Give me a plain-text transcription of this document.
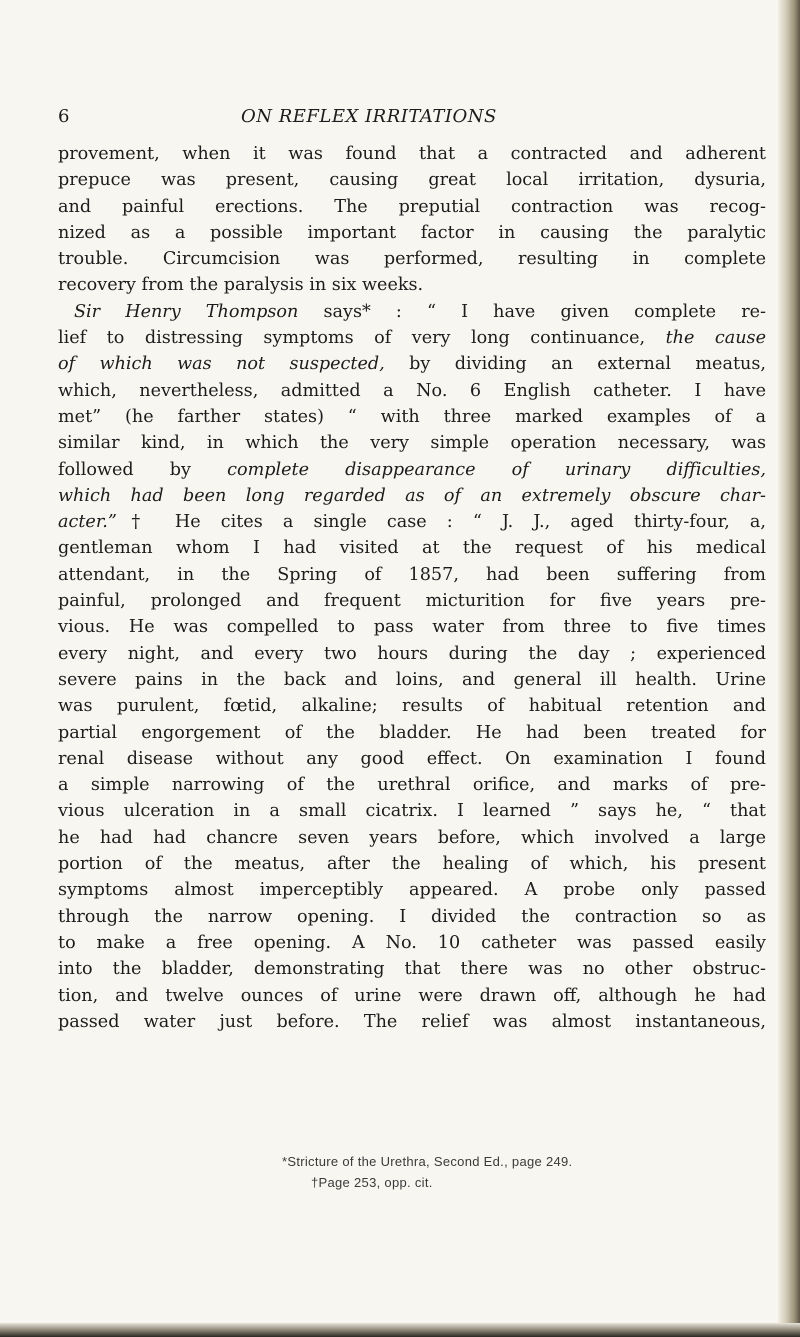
6	ON REFLEX IRRITATIONS
provement, when it was found that a contracted and adherent
prepuce was present, causing great local irritation, dysuria,
and painful erections. The preputial contraction was recog-
nized as a possible important factor in causing the paralytic
trouble. Circumcision was performed, resulting in complete
recovery from the paralysis in six weeks.
Sir Henry Thompson says* : “ I have given complete re-
lief to distressing symptoms of very long continuance, the cause
of which was not suspected, by dividing an external meatus,
which, nevertheless, admitted a No. 6 English catheter. I have
met” (he farther states) “ with three marked examples of a
similar kind, in which the very simple operation necessary, was
followed by complete disappearance of urinary difficulties,
which had been long regarded as of an extremely obscure char-
acter.”† He cites a single case : “ J. J., aged thirty-four, a,
gentleman whom I had visited at the request of his medical
attendant, in the Spring of 1857, had been suffering from
painful, prolonged and frequent micturition for five years pre-
vious. He was compelled to pass water from three to five times
every night, and every two hours during the day ; experienced
severe pains in the back and loins, and general ill health. Urine
was purulent, fœtid, alkaline; results of habitual retention and
partial engorgement of the bladder. He had been treated for
renal disease without any good effect. On examination I found
a simple narrowing of the urethral orifice, and marks of pre-
vious ulceration in a small cicatrix. I learned ” says he, “ that
he had had chancre seven years before, which involved a large
portion of the meatus, after the healing of which, his present
symptoms almost imperceptibly appeared. A probe only passed
through the narrow opening. I divided the contraction so as
to make a free opening. A No. 10 catheter was passed easily
into the bladder, demonstrating that there was no other obstruc-
tion, and twelve ounces of urine were drawn off, although he had
passed water just before. The relief was almost instantaneous,
*Stricture of the Urethra, Second Ed., page 249.
†Page 253, opp. cit.
